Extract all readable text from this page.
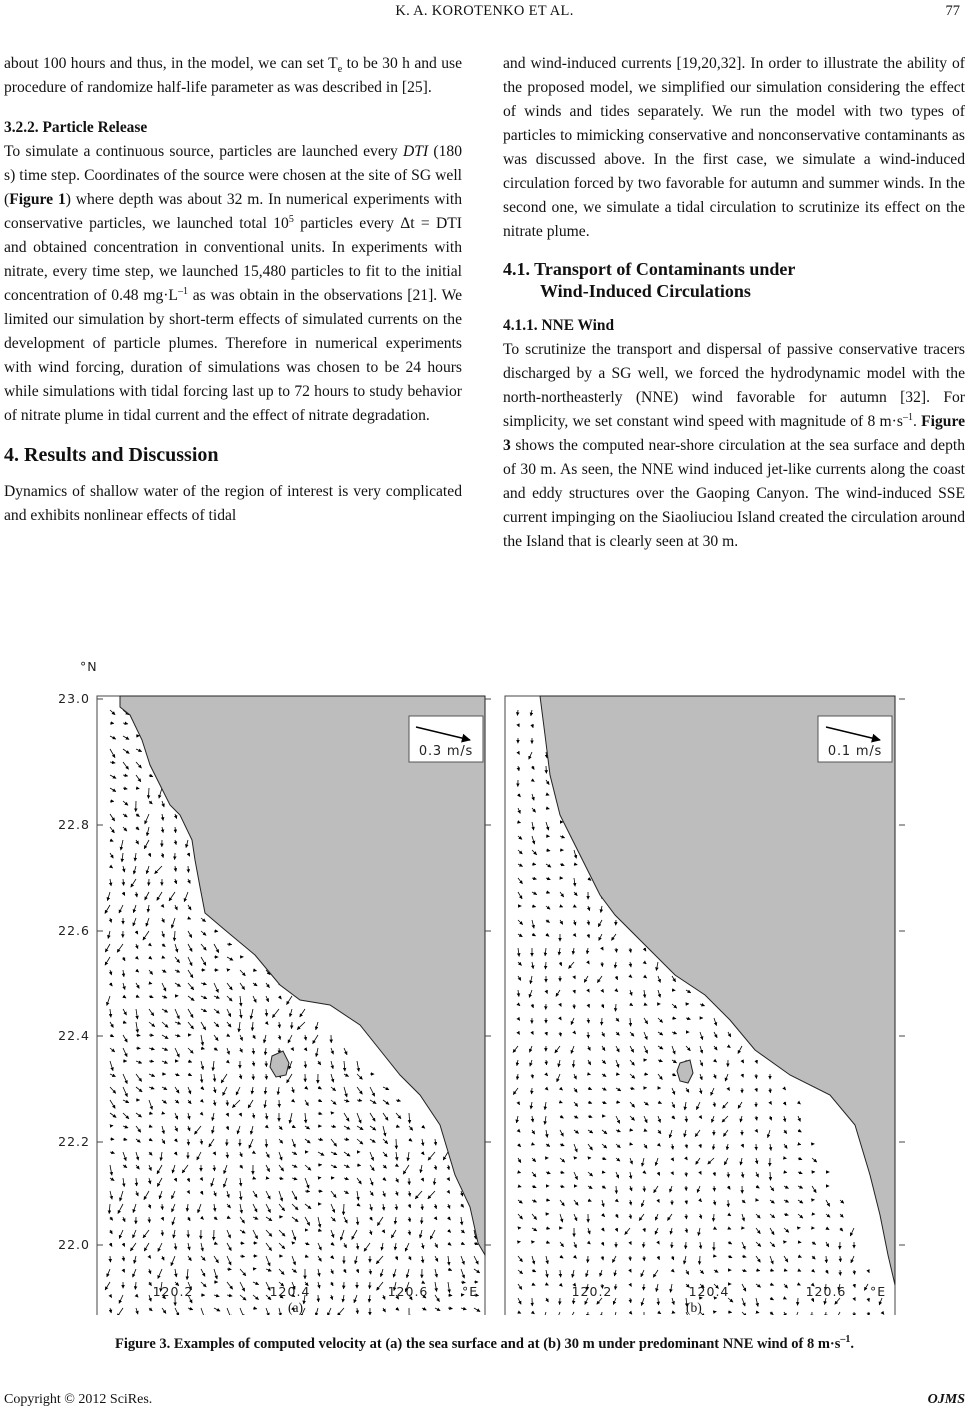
K. A. KOROTENKO ET AL.	77

about 100 hours and thus, in the model, we can set $T_e$ to be 30 h and use procedure of randomize half-life parameter as was described in [25].

3.2.2. Particle Release

To simulate a continuous source, particles are launched every DTI (180 s) time step. Coordinates of the source were chosen at the site of SG well (Figure 1) where depth was about 32 m. In numerical experiments with conservative particles, we launched total $10^5$ particles every Δt = DTI and obtained concentration in conventional units. In experiments with nitrate, every time step, we launched 15,480 particles to fit to the initial concentration of 0.48 $mg\cdot L^{-1}$ as was obtain in the observations [21]. We limited our simulation by short-term effects of simulated currents on the development of particle plumes. Therefore in numerical experiments with wind forcing, duration of simulations was chosen to be 24 hours while simulations with tidal forcing last up to 72 hours to study behavior of nitrate plume in tidal current and the effect of nitrate degradation.

4. Results and Discussion

Dynamics of shallow water of the region of interest is very complicated and exhibits nonlinear effects of tidal

and wind-induced currents [19,20,32]. In order to illustrate the ability of the proposed model, we simplified our simulation considering the effect of winds and tides separately. We run the model with two types of particles to mimicking conservative and nonconservative contaminants as was discussed above. In the first case, we simulate a wind-induced circulation forced by two favorable for autumn and summer winds. In the second one, we simulate a tidal circulation to scrutinize its effect on the nitrate plume.

4.1. Transport of Contaminants under
Wind-Induced Circulations

4.1.1. NNE Wind

To scrutinize the transport and dispersal of passive conservative tracers discharged by a SG well, we forced the hydrodynamic model with the north-northeasterly (NNE) wind favorable for autumn [32]. For simplicity, we set constant wind speed with magnitude of 8 $m\cdot s^{-1}$. Figure 3 shows the computed near-shore circulation at the sea surface and depth of 30 m. As seen, the NNE wind induced jet-like currents along the coast and eddy structures over the Gaoping Canyon. The wind-induced SSE current impinging on the Siaoliuciou Island created the circulation around the Island that is clearly seen at 30 m.

0.3 m/s	0.1 m/s
23.0
22.8
22.6
22.4
22.2
22.0
120.2	120.2
120.4	120.4
120.6	120.6
°N
°E	°E
(a)	(b)
Figure 3. Examples of computed velocity at (a) the sea surface and at (b) 30 m under predominant NNE wind of 8 $m\cdot s^{-1}$.
Copyright © 2012 SciRes.	OJMS
